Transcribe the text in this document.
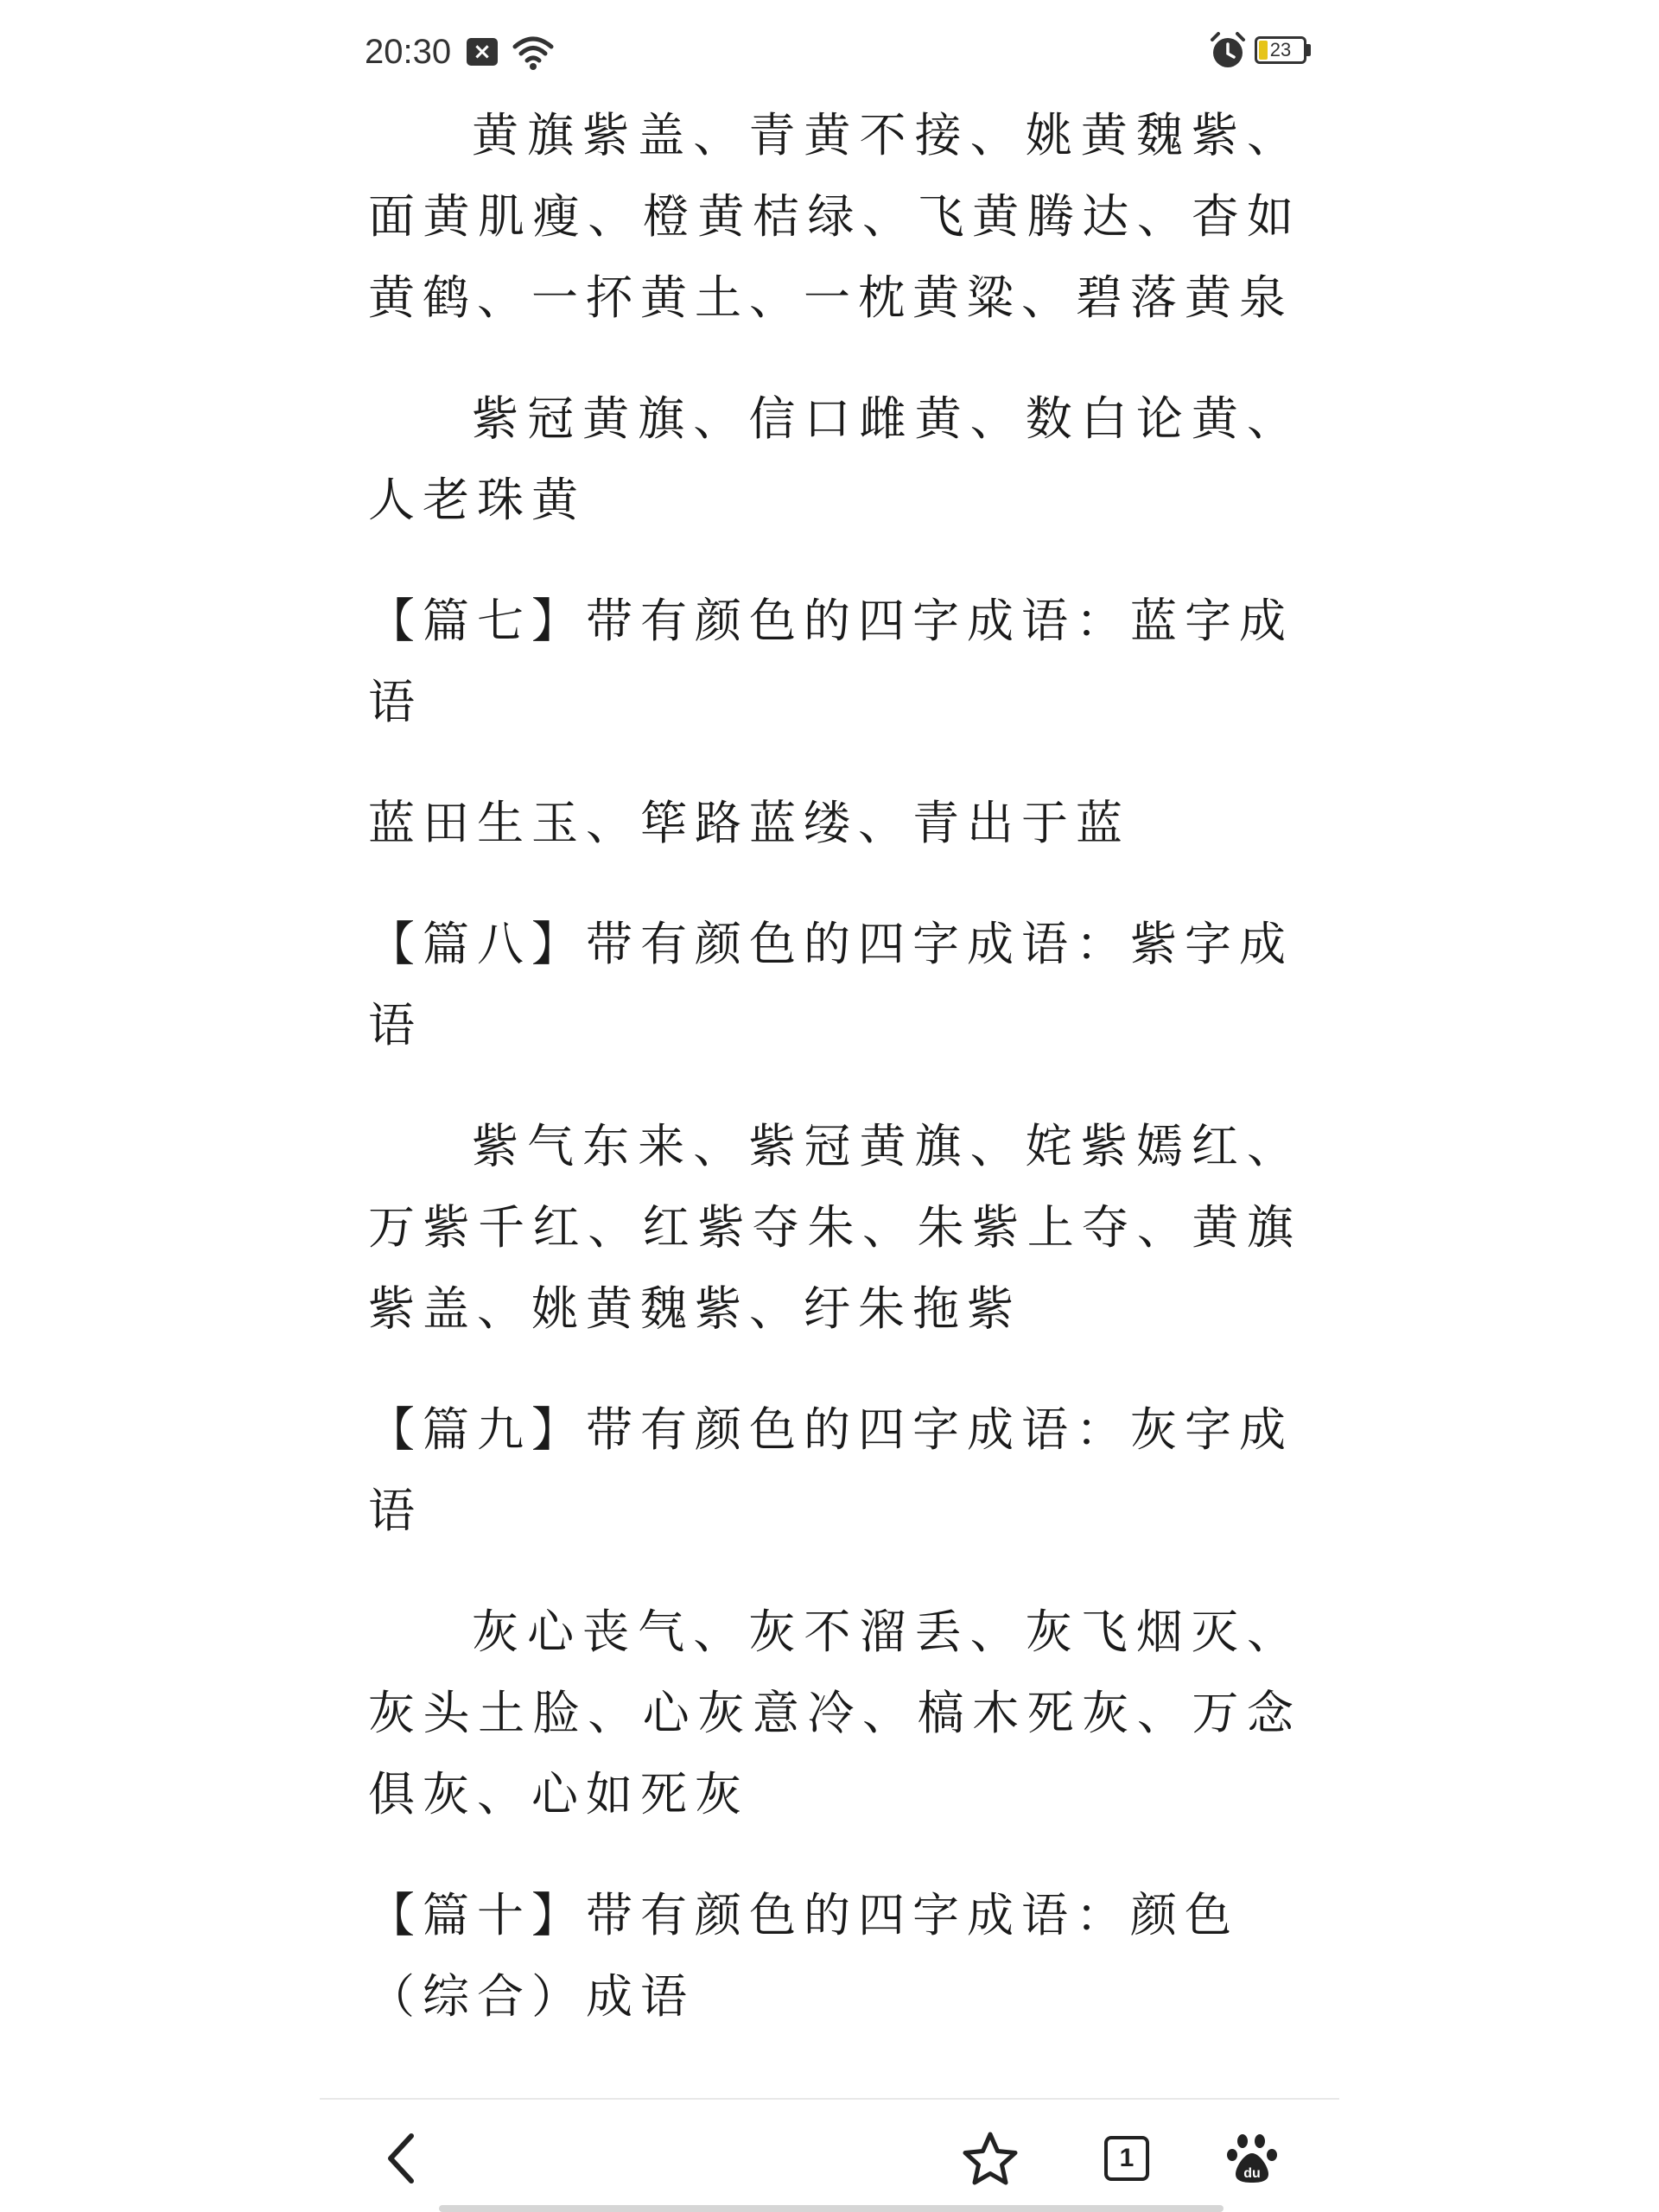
20:30 ×	23

黄旗紫盖、青黄不接、姚黄魏紫、面黄肌瘦、橙黄桔绿、飞黄腾达、杳如黄鹤、一抔黄土、一枕黄粱、碧落黄泉

紫冠黄旗、信口雌黄、数白论黄、人老珠黄

【篇七】带有颜色的四字成语：蓝字成语

蓝田生玉、筚路蓝缕、青出于蓝

【篇八】带有颜色的四字成语：紫字成语

紫气东来、紫冠黄旗、姹紫嫣红、万紫千红、红紫夺朱、朱紫上夺、黄旗紫盖、姚黄魏紫、纡朱拖紫

【篇九】带有颜色的四字成语：灰字成语

灰心丧气、灰不溜丢、灰飞烟灭、灰头土脸、心灰意冷、槁木死灰、万念俱灰、心如死灰

【篇十】带有颜色的四字成语：颜色（综合）成语

1
du
